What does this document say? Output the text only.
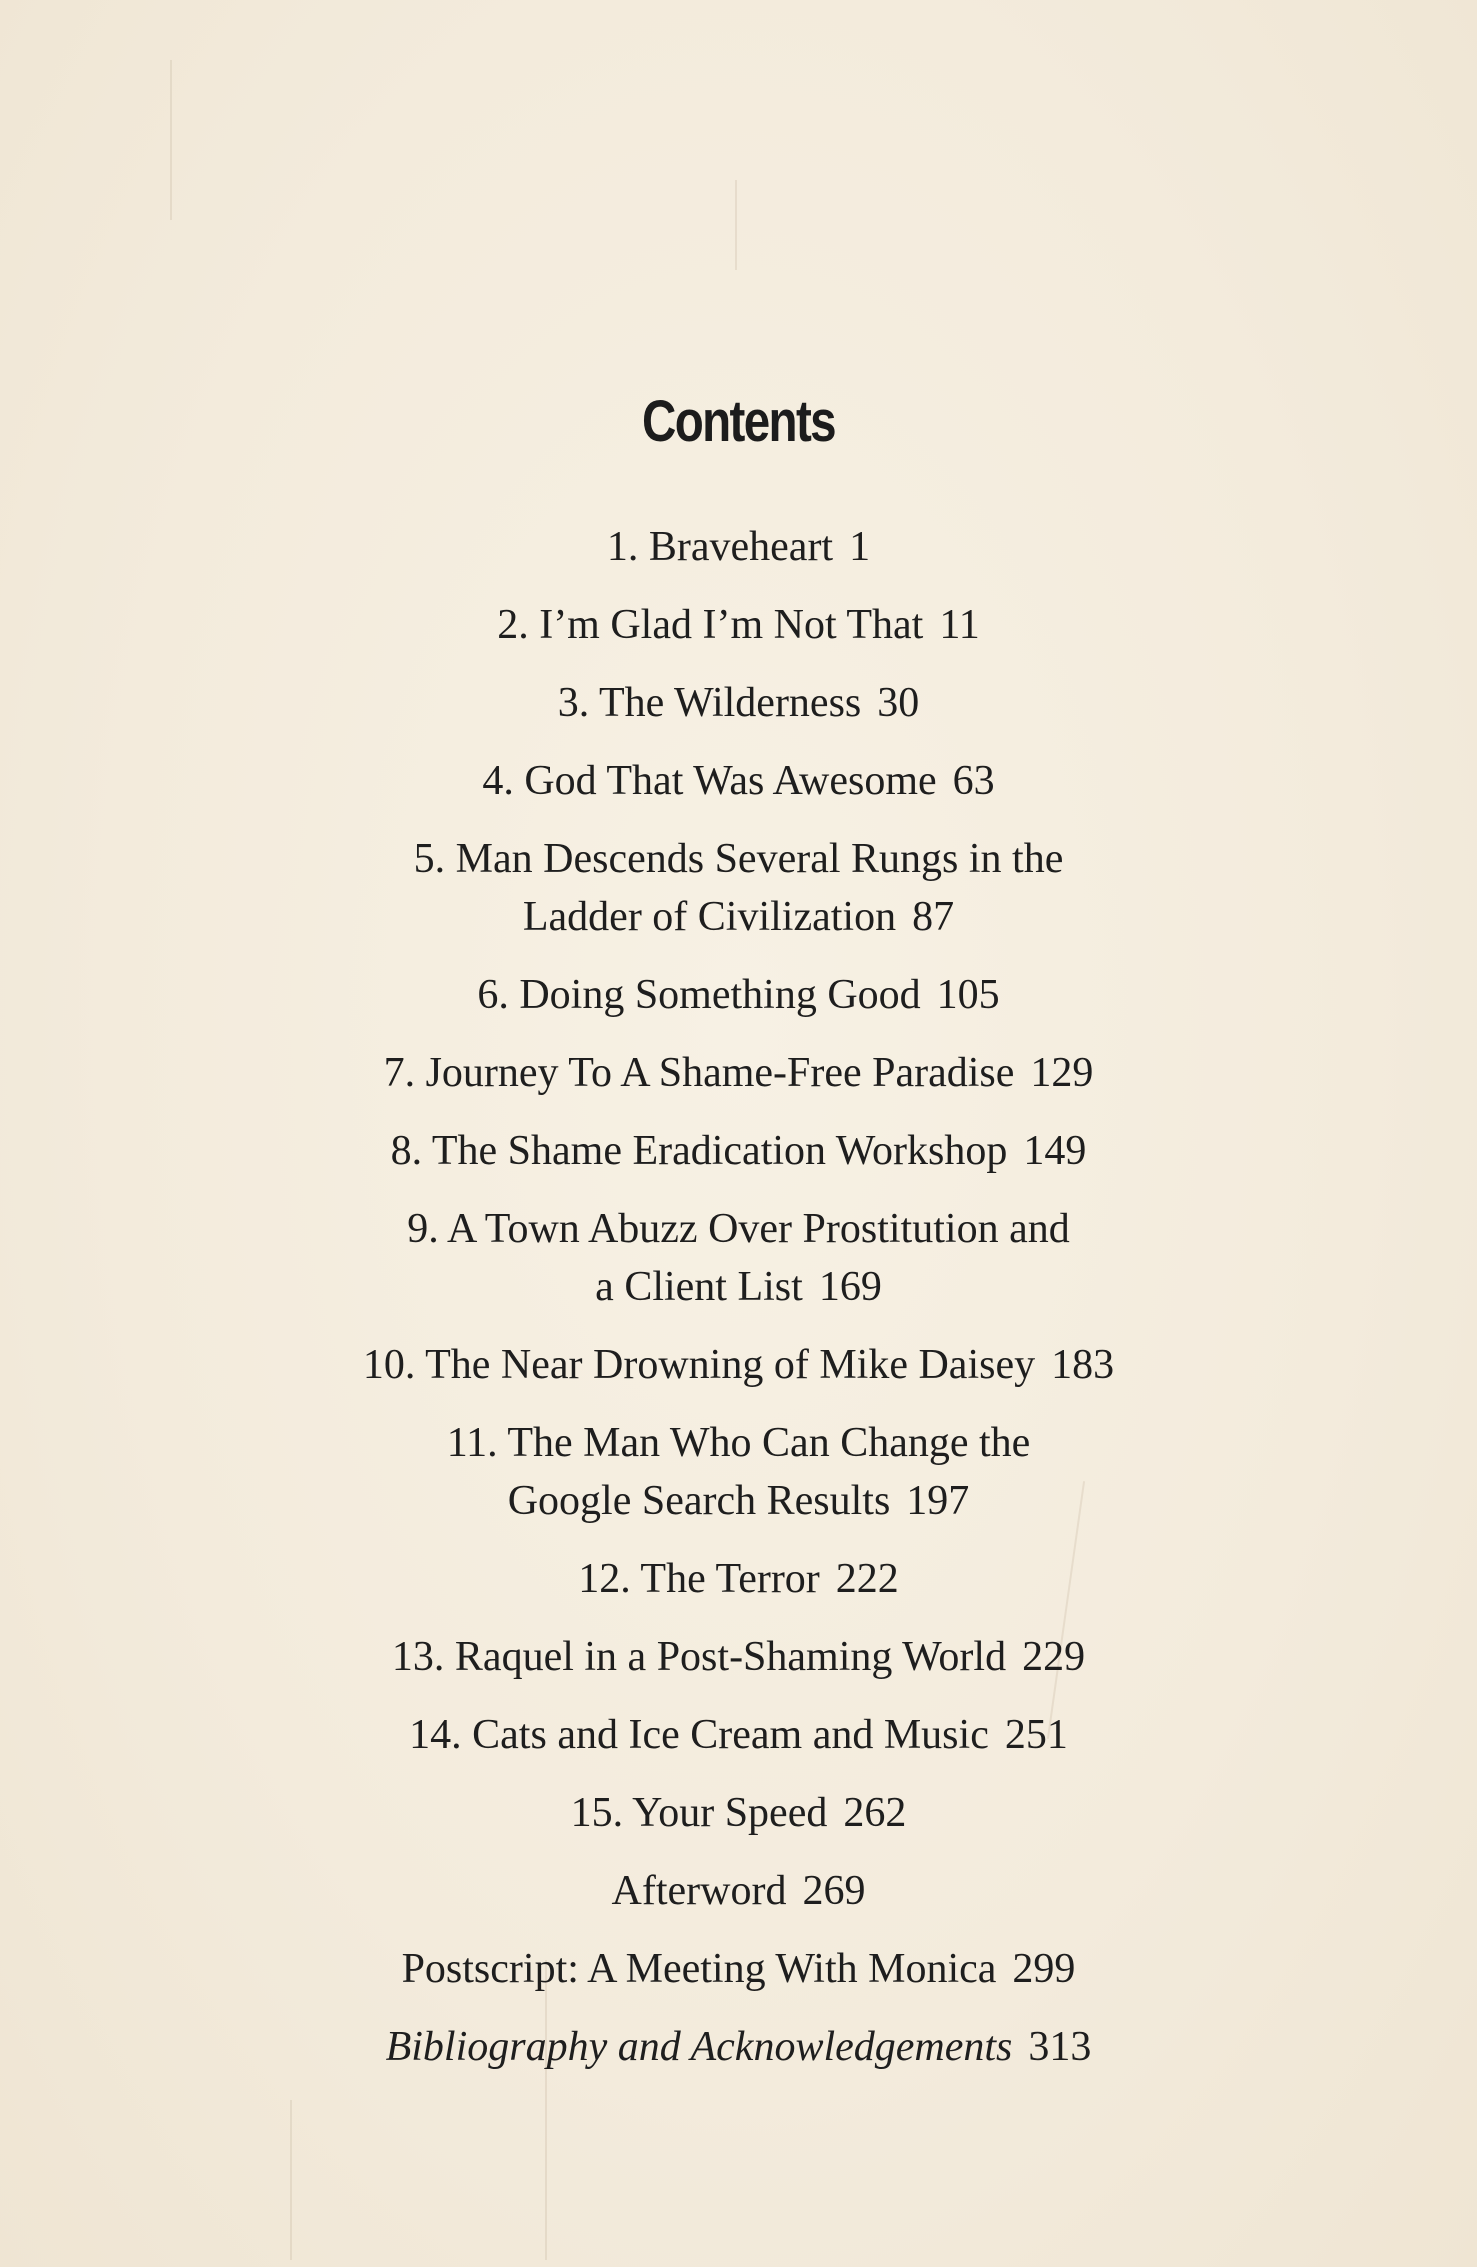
Contents
1. Braveheart 1
2. I’m Glad I’m Not That 11
3. The Wilderness 30
4. God That Was Awesome 63
5. Man Descends Several Rungs in the
Ladder of Civilization 87
6. Doing Something Good 105
7. Journey To A Shame-Free Paradise 129
8. The Shame Eradication Workshop 149
9. A Town Abuzz Over Prostitution and
a Client List 169
10. The Near Drowning of Mike Daisey 183
11. The Man Who Can Change the
Google Search Results 197
12. The Terror 222
13. Raquel in a Post-Shaming World 229
14. Cats and Ice Cream and Music 251
15. Your Speed 262
Afterword 269
Postscript: A Meeting With Monica 299
Bibliography and Acknowledgements 313
